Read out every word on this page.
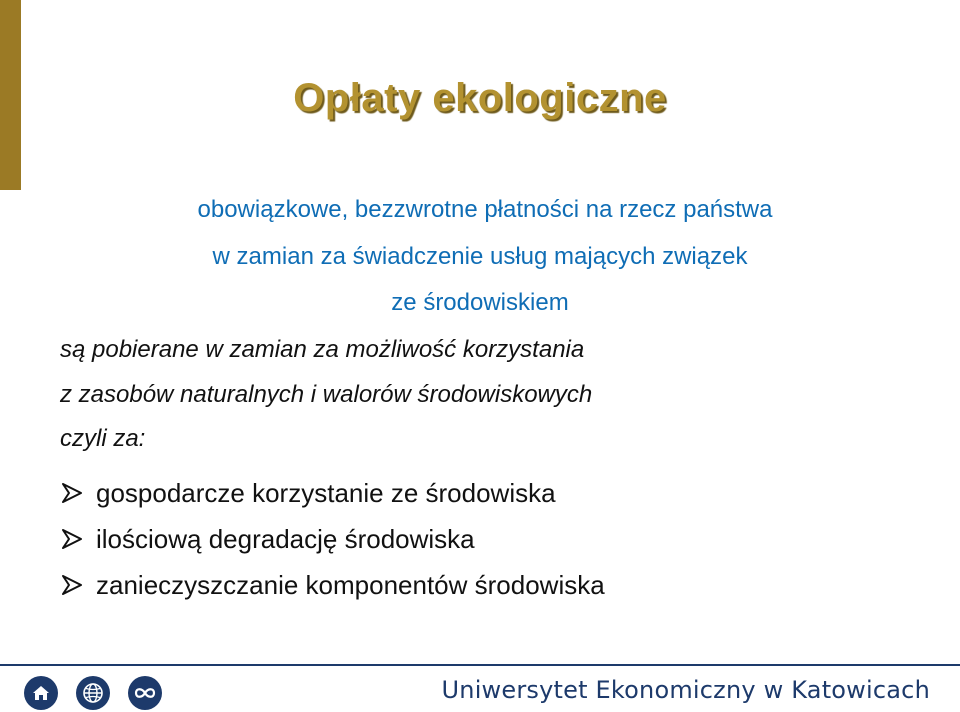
Opłaty ekologiczne
obowiązkowe, bezzwrotne płatności na rzecz państwa
w zamian za świadczenie usług mających związek
ze środowiskiem
są pobierane w zamian za możliwość korzystania
z zasobów naturalnych i walorów środowiskowych
czyli za:
gospodarcze korzystanie ze środowiska
ilościową degradację środowiska
zanieczyszczanie komponentów środowiska
Uniwersytet Ekonomiczny w Katowicach
